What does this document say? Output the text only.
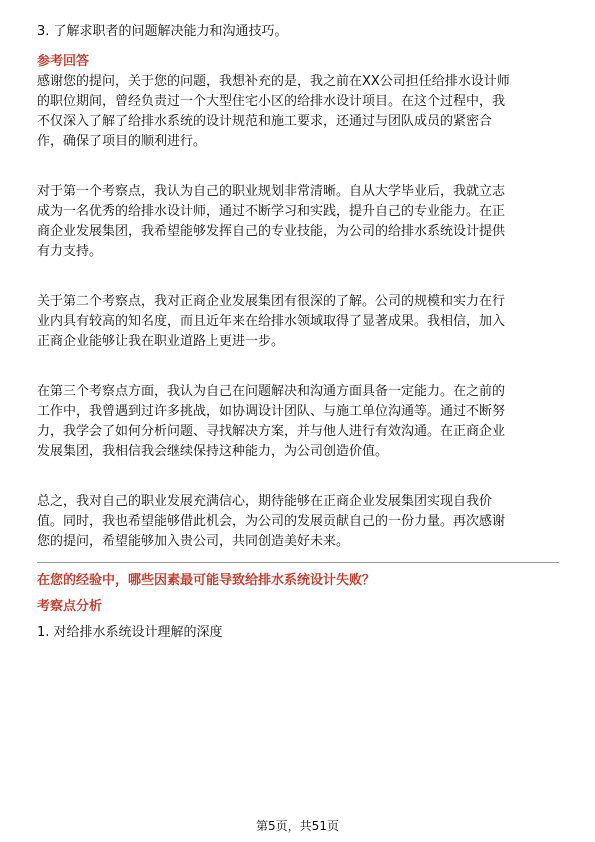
3. 了解求职者的问题解决能力和沟通技巧。
参考回答
感谢您的提问，关于您的问题，我想补充的是，我之前在XX公司担任给排水设计师
的职位期间，曾经负责过一个大型住宅小区的给排水设计项目。在这个过程中，我
不仅深入了解了给排水系统的设计规范和施工要求，还通过与团队成员的紧密合
作，确保了项目的顺利进行。
对于第一个考察点，我认为自己的职业规划非常清晰。自从大学毕业后，我就立志
成为一名优秀的给排水设计师，通过不断学习和实践，提升自己的专业能力。在正
商企业发展集团，我希望能够发挥自己的专业技能，为公司的给排水系统设计提供
有力支持。
关于第二个考察点，我对正商企业发展集团有很深的了解。公司的规模和实力在行
业内具有较高的知名度，而且近年来在给排水领域取得了显著成果。我相信，加入
正商企业能够让我在职业道路上更进一步。
在第三个考察点方面，我认为自己在问题解决和沟通方面具备一定能力。在之前的
工作中，我曾遇到过许多挑战，如协调设计团队、与施工单位沟通等。通过不断努
力，我学会了如何分析问题、寻找解决方案，并与他人进行有效沟通。在正商企业
发展集团，我相信我会继续保持这种能力，为公司创造价值。
总之，我对自己的职业发展充满信心，期待能够在正商企业发展集团实现自我价
值。同时，我也希望能够借此机会，为公司的发展贡献自己的一份力量。再次感谢
您的提问，希望能够加入贵公司，共同创造美好未来。
在您的经验中，哪些因素最可能导致给排水系统设计失败？
考察点分析
1. 对给排水系统设计理解的深度
第5页，共51页
